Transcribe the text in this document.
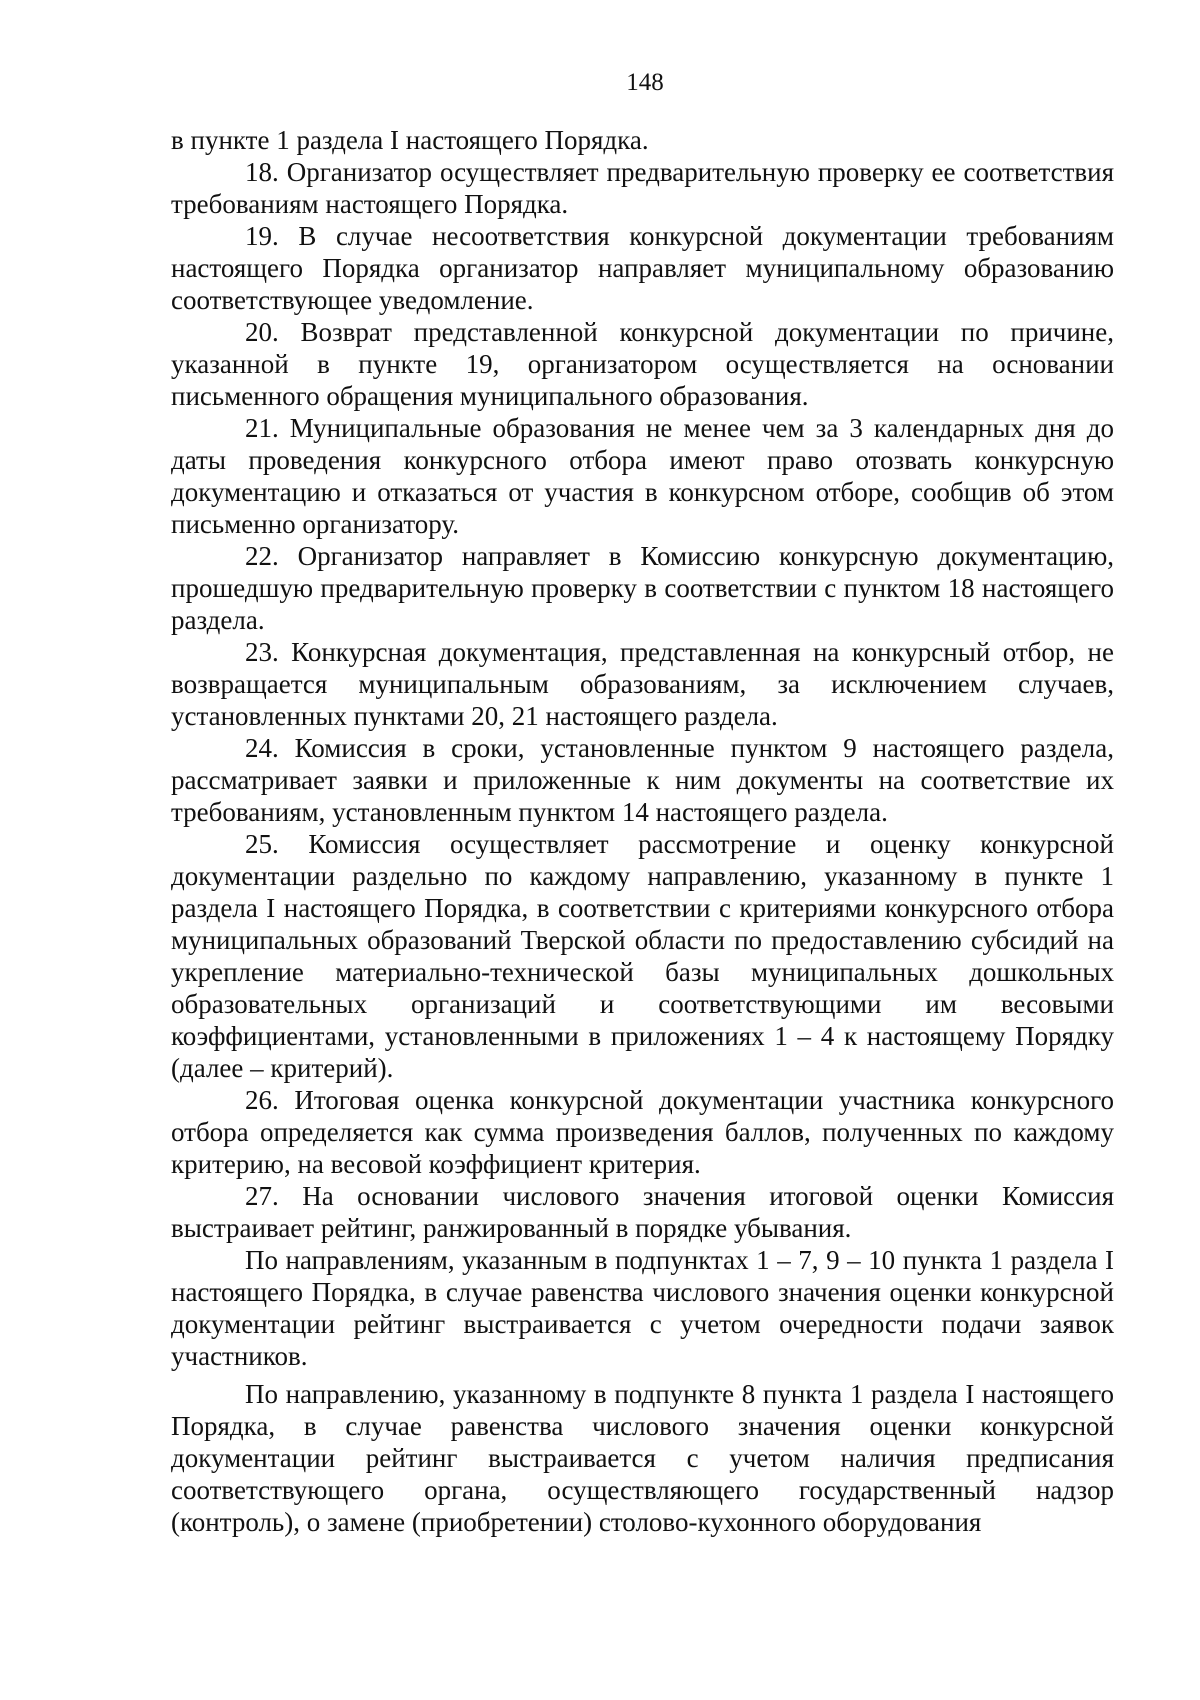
148

в пункте 1 раздела I настоящего Порядка.

18. Организатор осуществляет предварительную проверку ее соответствия требованиям настоящего Порядка.

19. В случае несоответствия конкурсной документации требованиям настоящего Порядка организатор направляет муниципальному образованию соответствующее уведомление.

20. Возврат представленной конкурсной документации по причине, указанной в пункте 19, организатором осуществляется на основании письменного обращения муниципального образования.

21. Муниципальные образования не менее чем за 3 календарных дня до даты проведения конкурсного отбора имеют право отозвать конкурсную документацию и отказаться от участия в конкурсном отборе, сообщив об этом письменно организатору.

22. Организатор направляет в Комиссию конкурсную документацию, прошедшую предварительную проверку в соответствии с пунктом 18 настоящего раздела.

23. Конкурсная документация, представленная на конкурсный отбор, не возвращается муниципальным образованиям, за исключением случаев, установленных пунктами 20, 21 настоящего раздела.

24. Комиссия в сроки, установленные пунктом 9 настоящего раздела, рассматривает заявки и приложенные к ним документы на соответствие их требованиям, установленным пунктом 14 настоящего раздела.

25. Комиссия осуществляет рассмотрение и оценку конкурсной документации раздельно по каждому направлению, указанному в пункте 1 раздела I настоящего Порядка, в соответствии с критериями конкурсного отбора муниципальных образований Тверской области по предоставлению субсидий на укрепление материально-технической базы муниципальных дошкольных образовательных организаций и соответствующими им весовыми коэффициентами, установленными в приложениях 1 – 4 к настоящему Порядку (далее – критерий).

26. Итоговая оценка конкурсной документации участника конкурсного отбора определяется как сумма произведения баллов, полученных по каждому критерию, на весовой коэффициент критерия.

27. На основании числового значения итоговой оценки Комиссия выстраивает рейтинг, ранжированный в порядке убывания.

По направлениям, указанным в подпунктах 1 – 7, 9 – 10 пункта 1 раздела I настоящего Порядка, в случае равенства числового значения оценки конкурсной документации рейтинг выстраивается с учетом очередности подачи заявок участников.

По направлению, указанному в подпункте 8 пункта 1 раздела I настоящего Порядка, в случае равенства числового значения оценки конкурсной документации рейтинг выстраивается с учетом наличия предписания соответствующего органа, осуществляющего государственный надзор (контроль), о замене (приобретении) столово-кухонного оборудования
